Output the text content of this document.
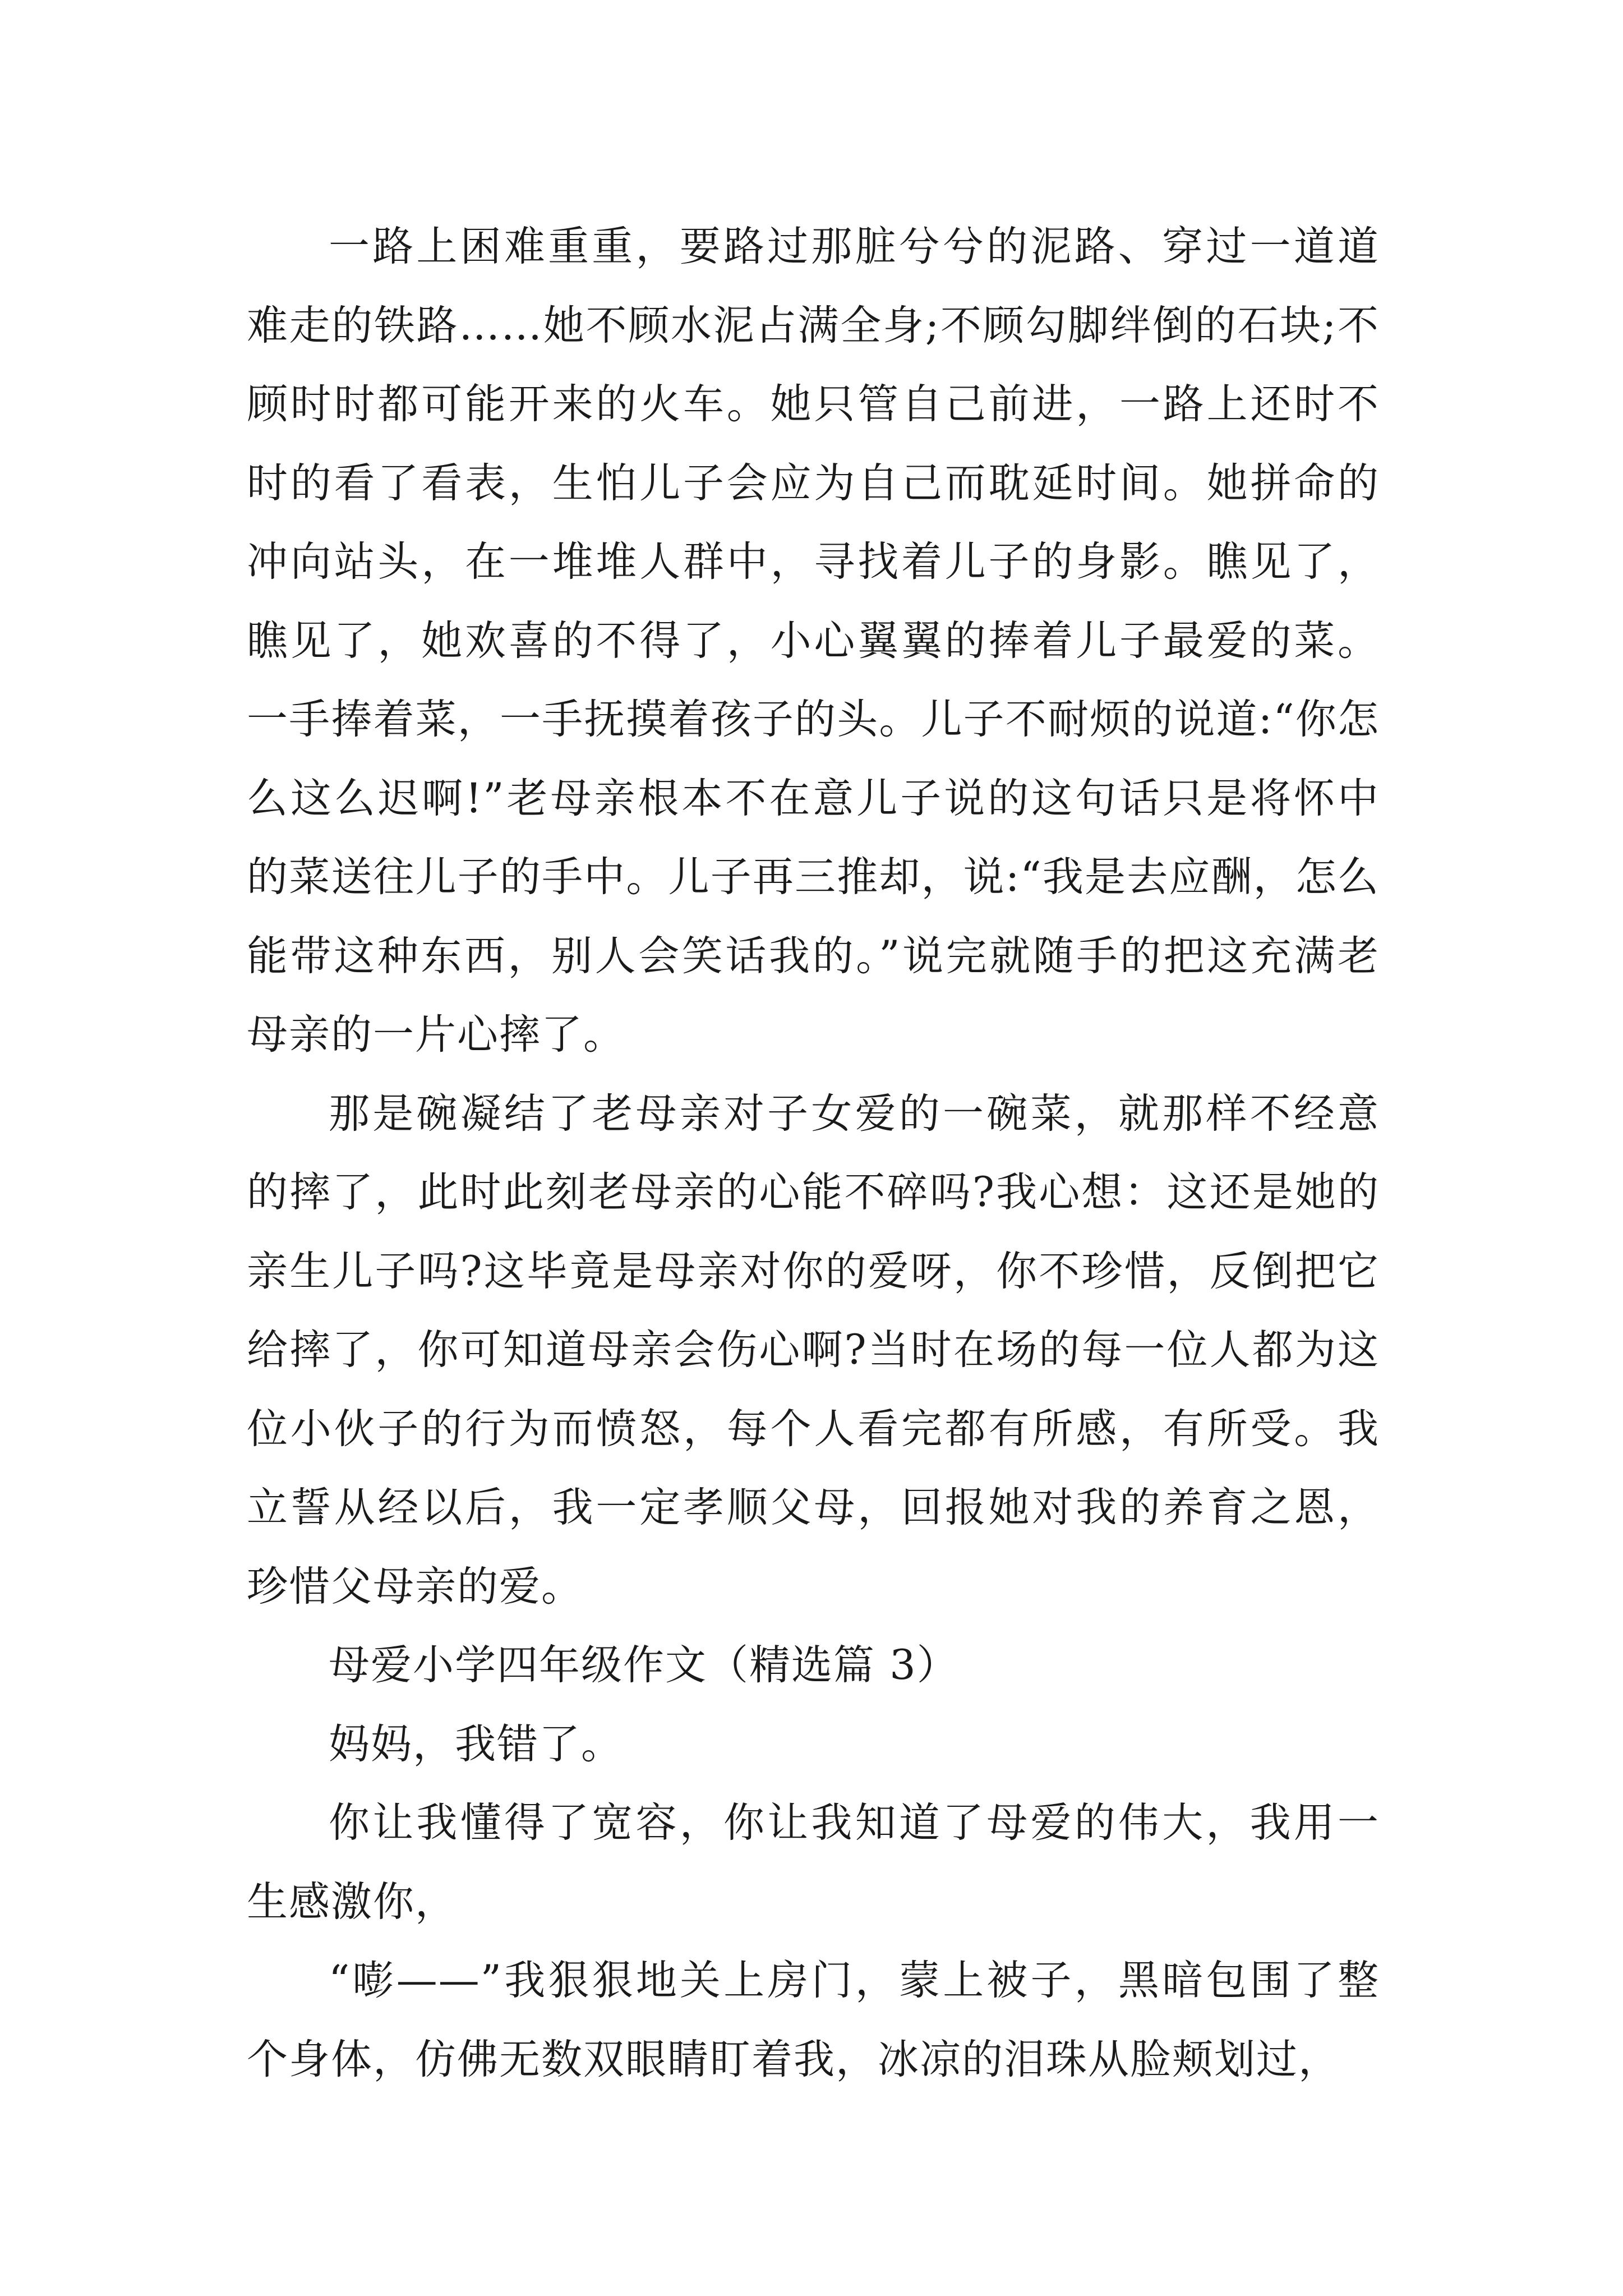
一路上困难重重，要路过那脏兮兮的泥路、穿过一道道难走的铁路……她不顾水泥占满全身;不顾勾脚绊倒的石块;不顾时时都可能开来的火车。她只管自己前进，一路上还时不时的看了看表，生怕儿子会应为自己而耽延时间。她拼命的冲向站头，在一堆堆人群中，寻找着儿子的身影。瞧见了，瞧见了，她欢喜的不得了，小心翼翼的捧着儿子最爱的菜。一手捧着菜，一手抚摸着孩子的头。儿子不耐烦的说道:“你怎么这么迟啊!”老母亲根本不在意儿子说的这句话只是将怀中的菜送往儿子的手中。儿子再三推却，说:“我是去应酬，怎么能带这种东西，别人会笑话我的。”说完就随手的把这充满老母亲的一片心摔了。

那是碗凝结了老母亲对子女爱的一碗菜，就那样不经意的摔了，此时此刻老母亲的心能不碎吗?我心想：这还是她的亲生儿子吗?这毕竟是母亲对你的爱呀，你不珍惜，反倒把它给摔了，你可知道母亲会伤心啊?当时在场的每一位人都为这位小伙子的行为而愤怒，每个人看完都有所感，有所受。我立誓从经以后，我一定孝顺父母，回报她对我的养育之恩，珍惜父母亲的爱。

母爱小学四年级作文（精选篇 3）

妈妈，我错了。

你让我懂得了宽容，你让我知道了母爱的伟大，我用一生感激你，

“嘭——”我狠狠地关上房门，蒙上被子，黑暗包围了整个身体，仿佛无数双眼睛盯着我，冰凉的泪珠从脸颊划过，
